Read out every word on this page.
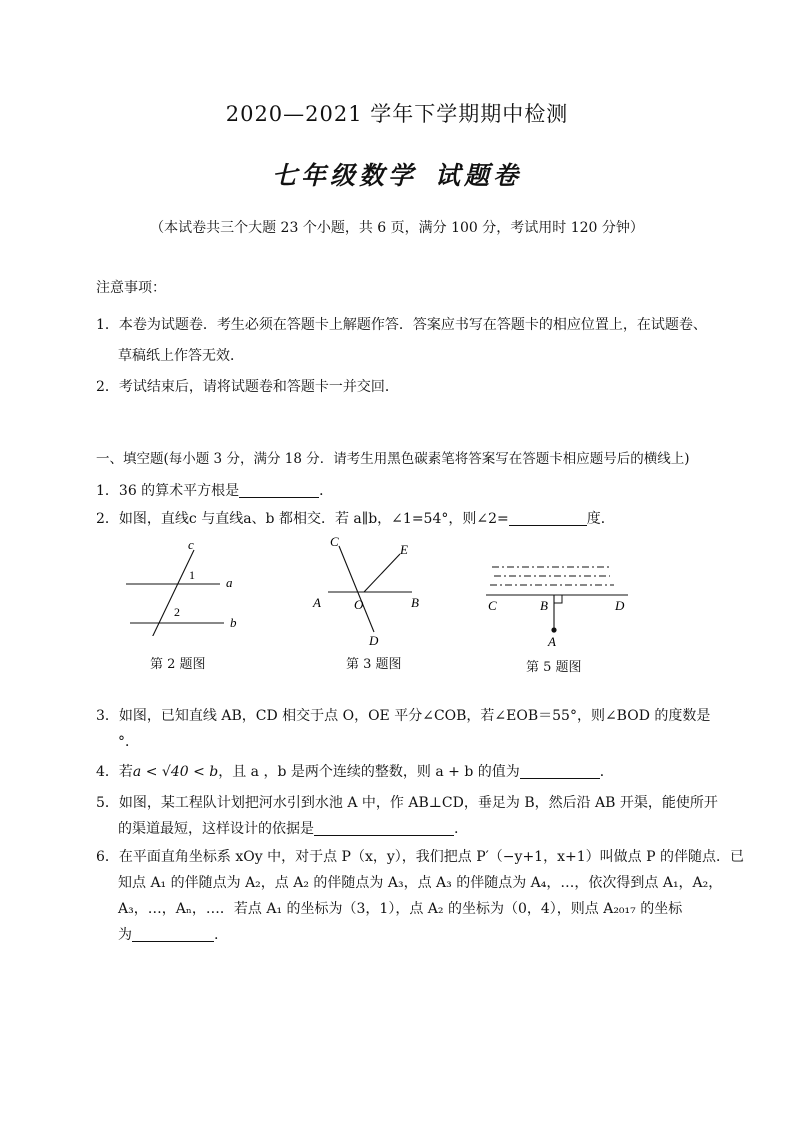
2020—2021 学年下学期期中检测
七年级数学 试题卷
（本试卷共三个大题 23 个小题，共 6 页，满分 100 分，考试用时 120 分钟）
注意事项：
1．本卷为试题卷．考生必须在答题卡上解题作答．答案应书写在答题卡的相应位置上，在试题卷、
草稿纸上作答无效．
2．考试结束后，请将试题卷和答题卡一并交回．
一、填空题(每小题 3 分，满分 18 分．请考生用黑色碳素笔将答案写在答题卡相应题号后的横线上)
1．36 的算术平方根是	．
2．如图，直线c 与直线a、b 都相交．若 a∥b，∠1=54°，则∠2=	度．
c
1 a
2
b
第 2 题图
C
E
A	O	B
D
第 3 题图
C	B	D
A
第 5 题图
3．如图，已知直线 AB，CD 相交于点 O，OE 平分∠COB，若∠EOB＝55°，则∠BOD 的度数是
°．
4．若a < √40 < b，且 a ，b 是两个连续的整数，则 a + b 的值为	．
5．如图，某工程队计划把河水引到水池 A 中，作 AB⊥CD，垂足为 B，然后沿 AB 开渠，能使所开
的渠道最短，这样设计的依据是	.
6．在平面直角坐标系 xOy 中，对于点 P（x，y），我们把点 P′（−y+1，x+1）叫做点 P 的伴随点．已
知点 A₁ 的伴随点为 A₂，点 A₂ 的伴随点为 A₃，点 A₃ 的伴随点为 A₄，…，依次得到点 A₁，A₂，
A₃，…，Aₙ，…．若点 A₁ 的坐标为（3，1），点 A₂ 的坐标为（0，4），则点 A₂₀₁₇ 的坐标
为	.
